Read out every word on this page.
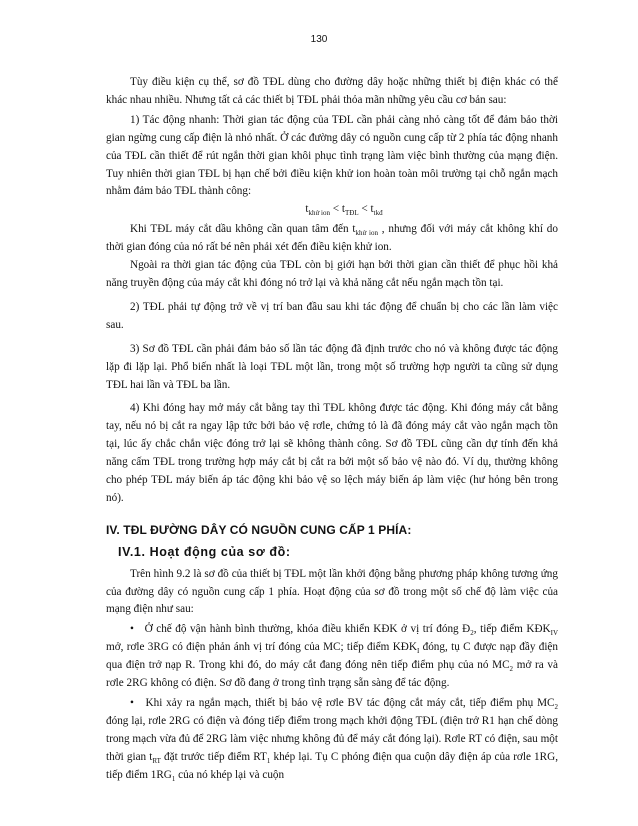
130

Tùy điều kiện cụ thể, sơ đồ TĐL dùng cho đường dây hoặc những thiết bị điện khác có thể khác nhau nhiều. Nhưng tất cả các thiết bị TĐL phải thỏa mãn những yêu cầu cơ bản sau:

1) Tác động nhanh: Thời gian tác động của TĐL cần phải càng nhỏ càng tốt để đảm bảo thời gian ngừng cung cấp điện là nhỏ nhất. Ở các đường dây có nguồn cung cấp từ 2 phía tác động nhanh của TĐL cần thiết để rút ngắn thời gian khôi phục tình trạng làm việc bình thường của mạng điện. Tuy nhiên thời gian TĐL bị hạn chế bởi điều kiện khử ion hoàn toàn môi trường tại chỗ ngắn mạch nhằm đảm bảo TĐL thành công:

$t_{khử ion} < t_{TĐL} < t_{tkđ}$

Khi TĐL máy cắt dầu không cần quan tâm đến $t_{khử ion}$ , nhưng đối với máy cắt không khí do thời gian đóng của nó rất bé nên phải xét đến điều kiện khử ion.

Ngoài ra thời gian tác động của TĐL còn bị giới hạn bởi thời gian cần thiết để phục hồi khả năng truyền động của máy cắt khi đóng nó trở lại và khả năng cắt nếu ngắn mạch tồn tại.

2) TĐL phải tự động trở về vị trí ban đầu sau khi tác động để chuẩn bị cho các lần làm việc sau.

3) Sơ đồ TĐL cần phải đảm bảo số lần tác động đã định trước cho nó và không được tác động lặp đi lặp lại. Phổ biến nhất là loại TĐL một lần, trong một số trường hợp người ta cũng sử dụng TĐL hai lần và TĐL ba lần.

4) Khi đóng hay mở máy cắt bằng tay thì TĐL không được tác động. Khi đóng máy cắt bằng tay, nếu nó bị cắt ra ngay lập tức bởi bảo vệ rơle, chứng tỏ là đã đóng máy cắt vào ngắn mạch tồn tại, lúc ấy chắc chắn việc đóng trở lại sẽ không thành công. Sơ đồ TĐL cũng cần dự tính đến khả năng cấm TĐL trong trường hợp máy cắt bị cắt ra bởi một số bảo vệ nào đó. Ví dụ, thường không cho phép TĐL máy biến áp tác động khi bảo vệ so lệch máy biến áp làm việc (hư hỏng bên trong nó).

IV. TĐL ĐƯỜNG DÂY CÓ NGUỒN CUNG CẤP 1 PHÍA:
IV.1. Hoạt động của sơ đồ:

Trên hình 9.2 là sơ đồ của thiết bị TĐL một lần khởi động bằng phương pháp không tương ứng của đường dây có nguồn cung cấp 1 phía. Hoạt động của sơ đồ trong một số chế độ làm việc của mạng điện như sau:

• Ở chế độ vận hành bình thường, khóa điều khiển KĐK ở vị trí đóng $Đ_2$, tiếp điểm $KĐK_{IV}$ mở, rơle 3RG có điện phản ánh vị trí đóng của MC; tiếp điểm $KĐK_I$ đóng, tụ C được nạp đầy điện qua điện trở nạp R. Trong khi đó, do máy cắt đang đóng nên tiếp điểm phụ của nó $MC_2$ mở ra và rơle 2RG không có điện. Sơ đồ đang ở trong tình trạng sẵn sàng để tác động.

• Khi xảy ra ngắn mạch, thiết bị bảo vệ rơle BV tác động cắt máy cắt, tiếp điểm phụ $MC_2$ đóng lại, rơle 2RG có điện và đóng tiếp điểm trong mạch khởi động TĐL (điện trở R1 hạn chế dòng trong mạch vừa đủ để 2RG làm việc nhưng không đủ để máy cắt đóng lại). Rơle RT có điện, sau một thời gian $t_{RT}$ đặt trước tiếp điểm $RT_1$ khép lại. Tụ C phóng điện qua cuộn dây điện áp của rơle 1RG, tiếp điểm $1RG_1$ của nó khép lại và cuộn
